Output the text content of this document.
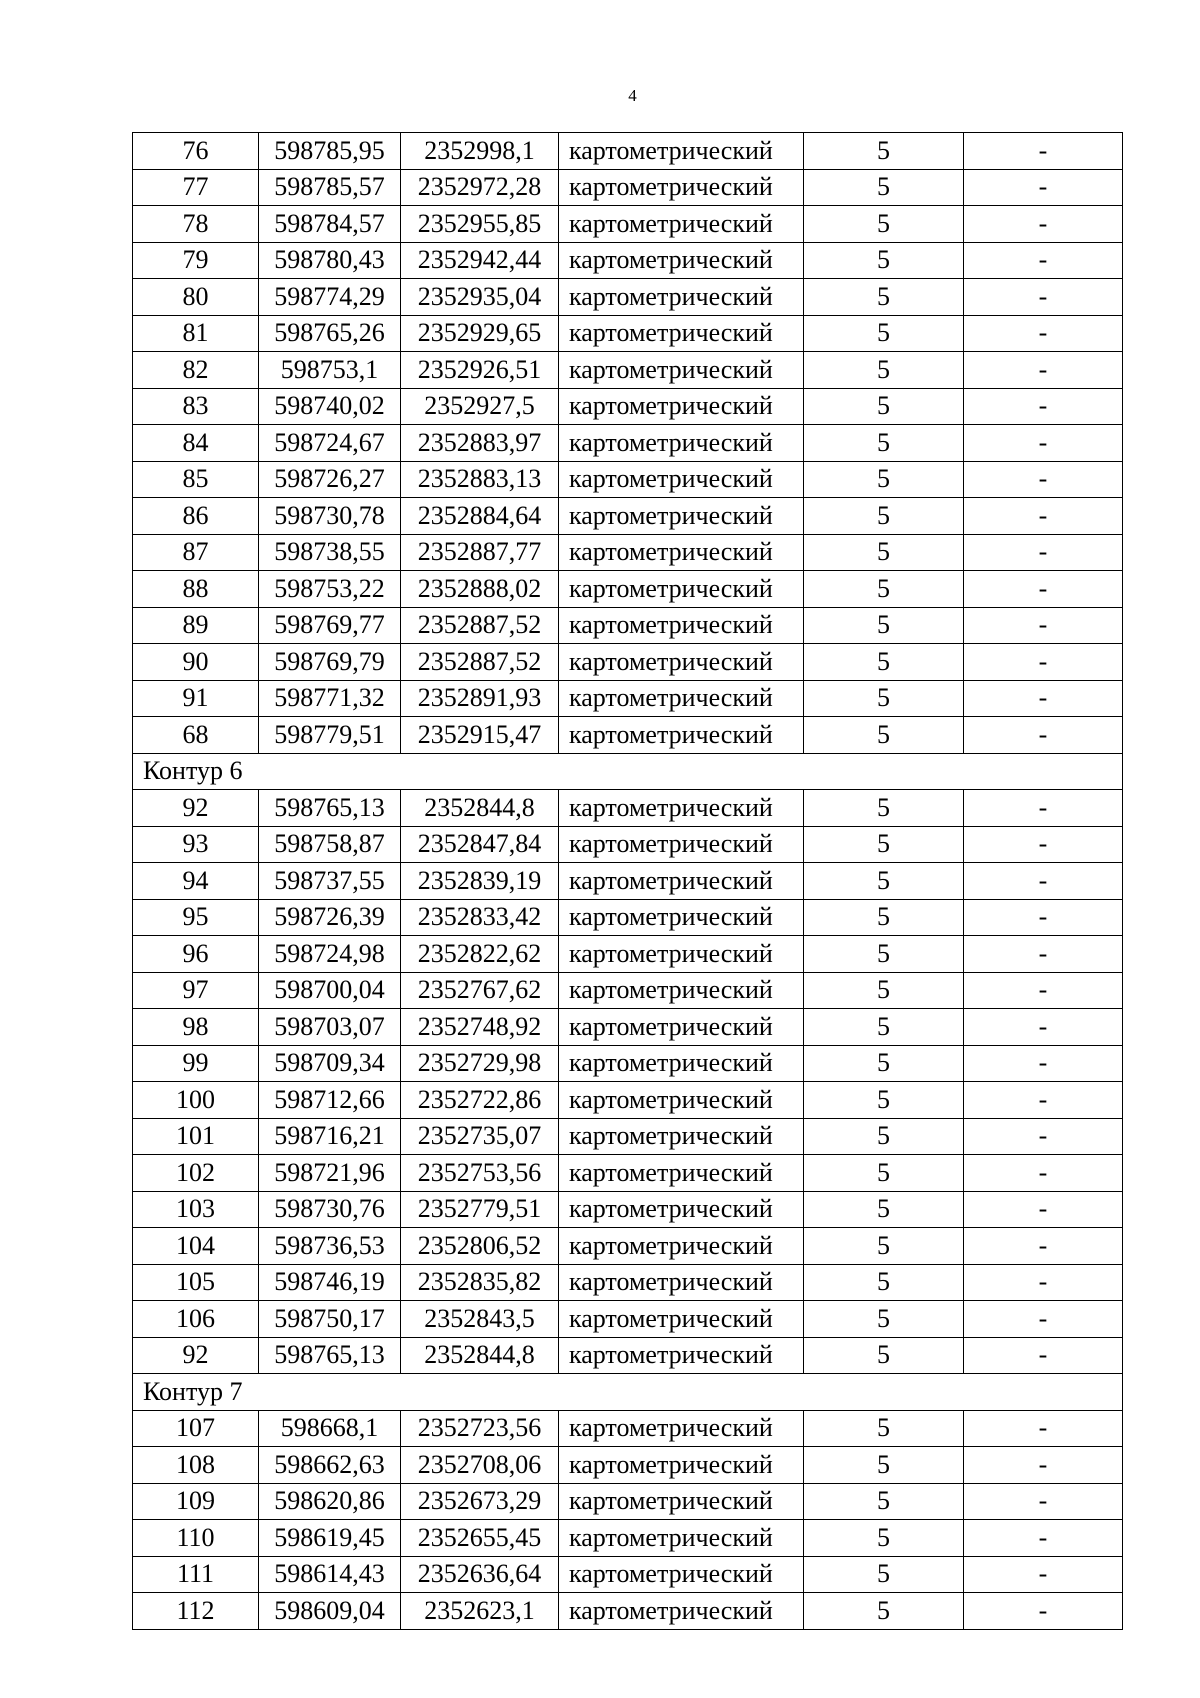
4
76	598785,95	2352998,1	картометрический	5	-
77	598785,57	2352972,28	картометрический	5	-
78	598784,57	2352955,85	картометрический	5	-
79	598780,43	2352942,44	картометрический	5	-
80	598774,29	2352935,04	картометрический	5	-
81	598765,26	2352929,65	картометрический	5	-
82	598753,1	2352926,51	картометрический	5	-
83	598740,02	2352927,5	картометрический	5	-
84	598724,67	2352883,97	картометрический	5	-
85	598726,27	2352883,13	картометрический	5	-
86	598730,78	2352884,64	картометрический	5	-
87	598738,55	2352887,77	картометрический	5	-
88	598753,22	2352888,02	картометрический	5	-
89	598769,77	2352887,52	картометрический	5	-
90	598769,79	2352887,52	картометрический	5	-
91	598771,32	2352891,93	картометрический	5	-
68	598779,51	2352915,47	картометрический	5	-
Контур 6					
92	598765,13	2352844,8	картометрический	5	-
93	598758,87	2352847,84	картометрический	5	-
94	598737,55	2352839,19	картометрический	5	-
95	598726,39	2352833,42	картометрический	5	-
96	598724,98	2352822,62	картометрический	5	-
97	598700,04	2352767,62	картометрический	5	-
98	598703,07	2352748,92	картометрический	5	-
99	598709,34	2352729,98	картометрический	5	-
100	598712,66	2352722,86	картометрический	5	-
101	598716,21	2352735,07	картометрический	5	-
102	598721,96	2352753,56	картометрический	5	-
103	598730,76	2352779,51	картометрический	5	-
104	598736,53	2352806,52	картометрический	5	-
105	598746,19	2352835,82	картометрический	5	-
106	598750,17	2352843,5	картометрический	5	-
92	598765,13	2352844,8	картометрический	5	-
Контур 7					
107	598668,1	2352723,56	картометрический	5	-
108	598662,63	2352708,06	картометрический	5	-
109	598620,86	2352673,29	картометрический	5	-
110	598619,45	2352655,45	картометрический	5	-
111	598614,43	2352636,64	картометрический	5	-
112	598609,04	2352623,1	картометрический	5	-
